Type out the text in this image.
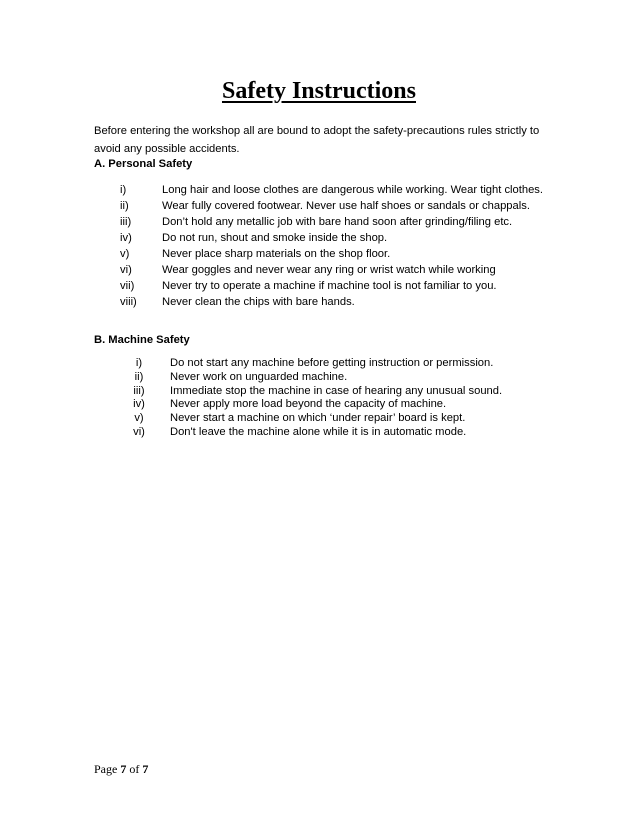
Safety Instructions
Before entering the workshop all are bound to adopt the safety-precautions rules strictly to avoid any possible accidents.
A. Personal Safety
i)	Long hair and loose clothes are dangerous while working. Wear tight clothes.
ii)	Wear fully covered footwear. Never use half shoes or sandals or chappals.
iii)	Don’t hold any metallic job with bare hand soon after grinding/filing etc.
iv)	Do not run, shout and smoke inside the shop.
v)	Never place sharp materials on the shop floor.
vi)	Wear goggles and never wear any ring or wrist watch while working
vii) Never try to operate a machine if machine tool is not familiar to you.
viii) Never clean the chips with bare hands.
B. Machine Safety
i)	Do not start any machine before getting instruction or permission.
ii)	Never work on unguarded machine.
iii)	Immediate stop the machine in case of hearing any unusual sound.
iv)	Never apply more load beyond the capacity of machine.
v)	Never start a machine on which ‘under repair’ board is kept.
vi)	Don't leave the machine alone while it is in automatic mode.
Page 7 of 7
